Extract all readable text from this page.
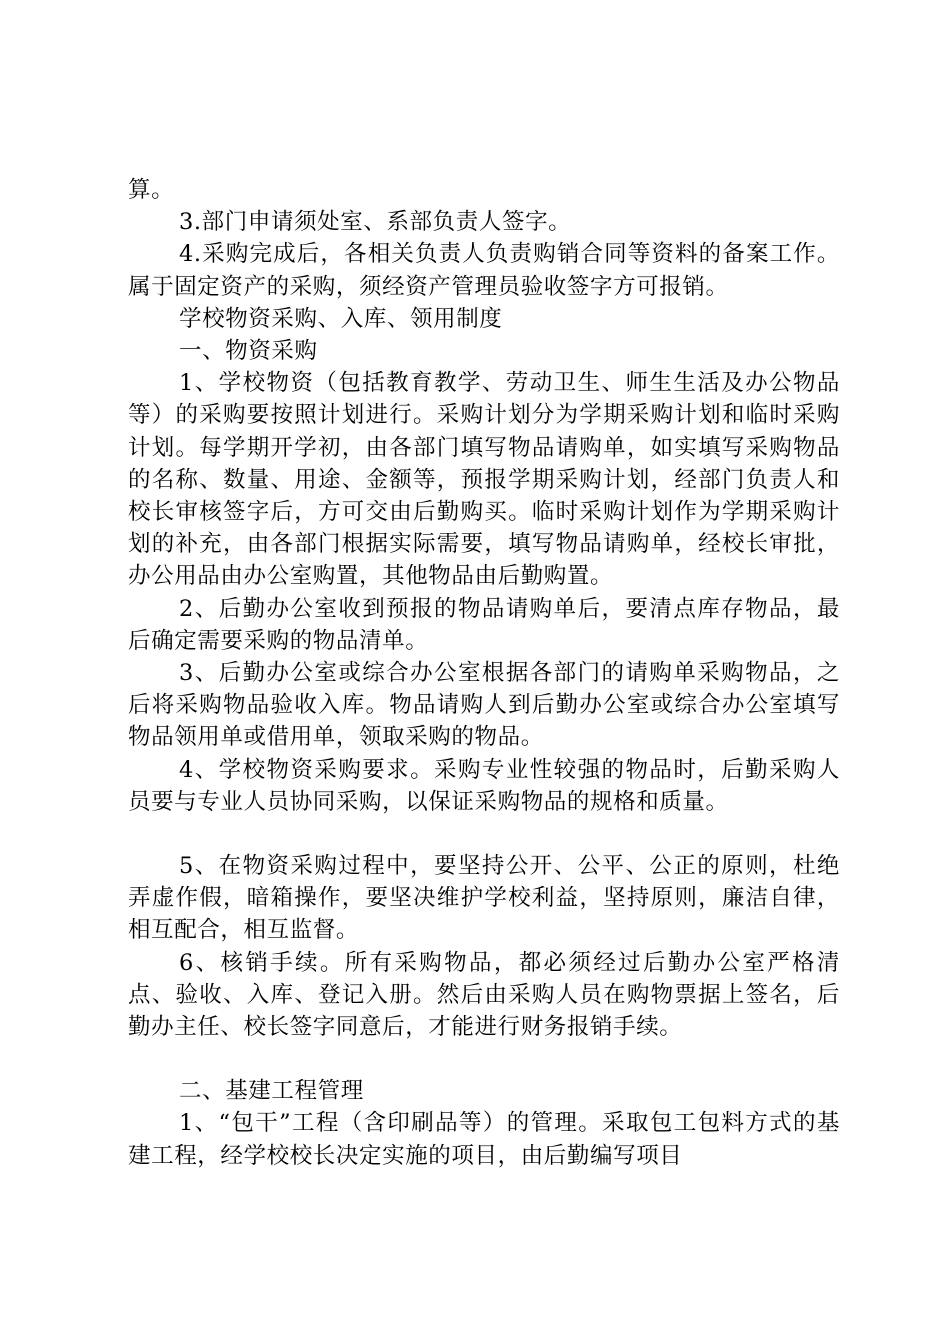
算。

3.部门申请须处室、系部负责人签字。

4.采购完成后，各相关负责人负责购销合同等资料的备案工作。属于固定资产的采购，须经资产管理员验收签字方可报销。

学校物资采购、入库、领用制度

一、物资采购

1、学校物资（包括教育教学、劳动卫生、师生生活及办公物品等）的采购要按照计划进行。采购计划分为学期采购计划和临时采购计划。每学期开学初，由各部门填写物品请购单，如实填写采购物品的名称、数量、用途、金额等，预报学期采购计划，经部门负责人和校长审核签字后，方可交由后勤购买。临时采购计划作为学期采购计划的补充，由各部门根据实际需要，填写物品请购单，经校长审批，办公用品由办公室购置，其他物品由后勤购置。

2、后勤办公室收到预报的物品请购单后，要清点库存物品，最后确定需要采购的物品清单。

3、后勤办公室或综合办公室根据各部门的请购单采购物品，之后将采购物品验收入库。物品请购人到后勤办公室或综合办公室填写物品领用单或借用单，领取采购的物品。

4、学校物资采购要求。采购专业性较强的物品时，后勤采购人员要与专业人员协同采购，以保证采购物品的规格和质量。

5、在物资采购过程中，要坚持公开、公平、公正的原则，杜绝弄虚作假，暗箱操作，要坚决维护学校利益，坚持原则，廉洁自律，相互配合，相互监督。

6、核销手续。所有采购物品，都必须经过后勤办公室严格清点、验收、入库、登记入册。然后由采购人员在购物票据上签名，后勤办主任、校长签字同意后，才能进行财务报销手续。

二、基建工程管理

1、“包干”工程（含印刷品等）的管理。采取包工包料方式的基建工程，经学校校长决定实施的项目，由后勤编写项目
